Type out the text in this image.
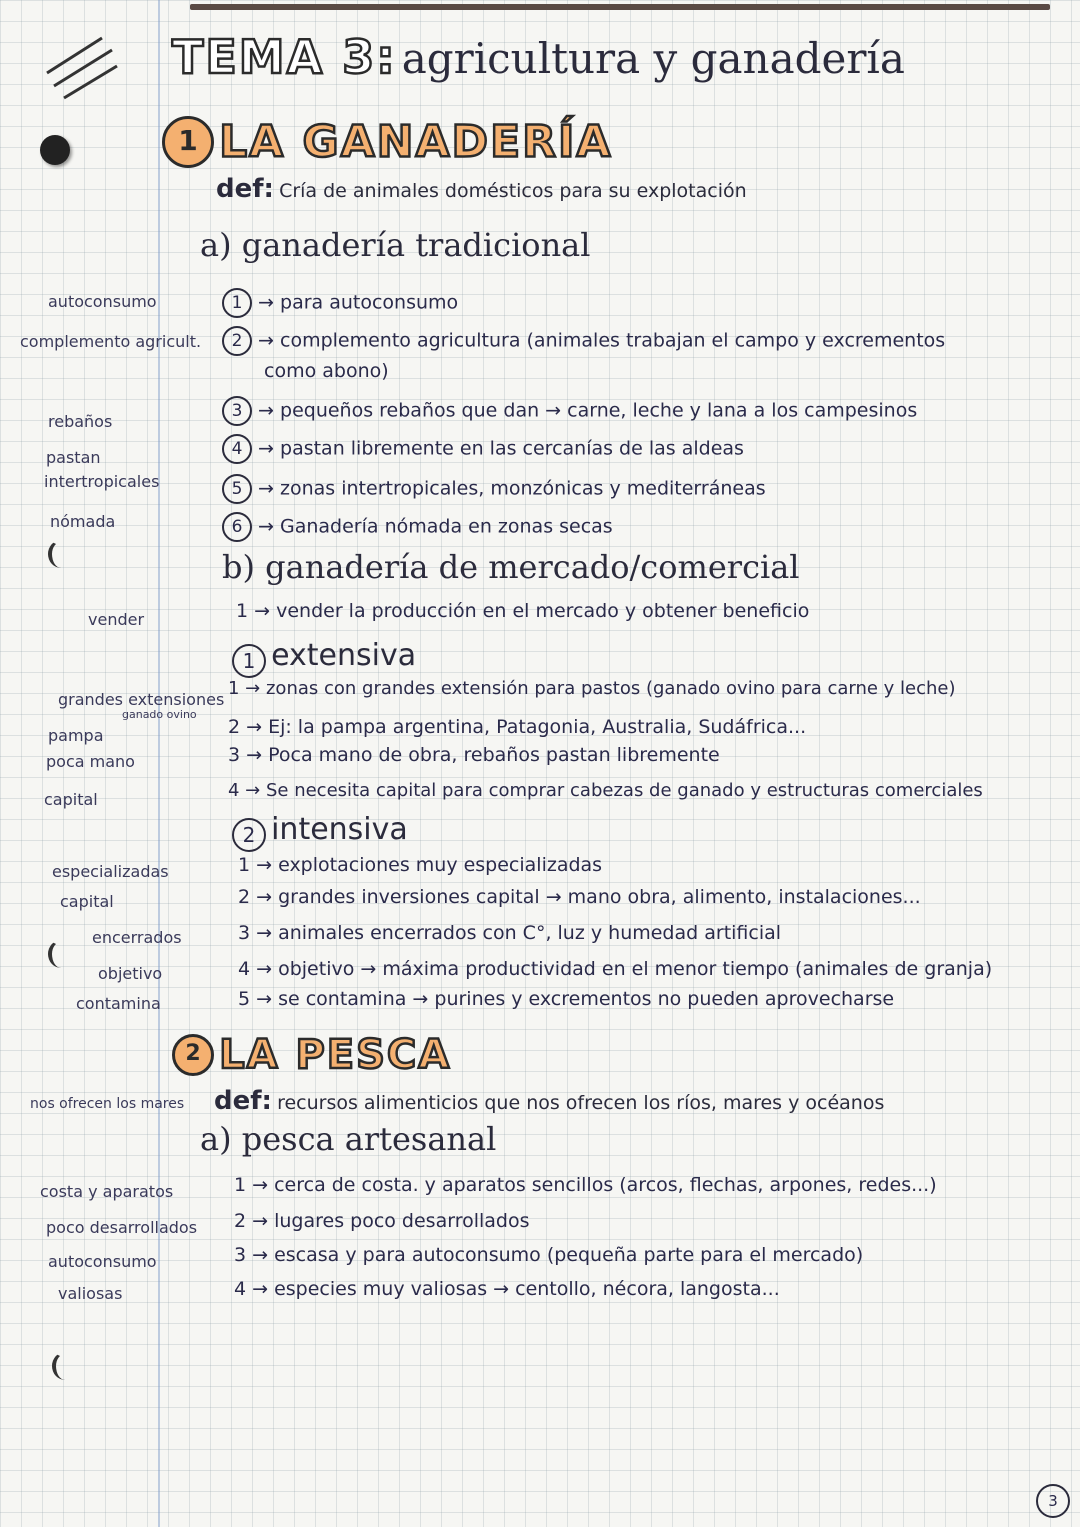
TEMA 3: agricultura y ganadería
1 LA GANADERÍA
def: Cría de animales domésticos para su explotación
a) ganadería tradicional
1 → para autoconsumo
2 → complemento agricultura (animales trabajan el campo y excrementos
como abono)
3 → pequeños rebaños que dan → carne, leche y lana a los campesinos
4 → pastan libremente en las cercanías de las aldeas
5 → zonas intertropicales, monzónicas y mediterráneas
6 → Ganadería nómada en zonas secas
b) ganadería de mercado/comercial
1 → vender la producción en el mercado y obtener beneficio
1 extensiva
1 → zonas con grandes extensión para pastos (ganado ovino para carne y leche)
2 → Ej: la pampa argentina, Patagonia, Australia, Sudáfrica...
3 → Poca mano de obra, rebaños pastan libremente
4 → Se necesita capital para comprar cabezas de ganado y estructuras comerciales
2 intensiva
1 → explotaciones muy especializadas
2 → grandes inversiones capital → mano obra, alimento, instalaciones...
3 → animales encerrados con C°, luz y humedad artificial
4 → objetivo → máxima productividad en el menor tiempo (animales de granja)
5 → se contamina → purines y excrementos no pueden aprovecharse
2 LA PESCA
def: recursos alimenticios que nos ofrecen los ríos, mares y océanos
a) pesca artesanal
1 → cerca de costa. y aparatos sencillos (arcos, flechas, arpones, redes...)
2 → lugares poco desarrollados
3 → escasa y para autoconsumo (pequeña parte para el mercado)
4 → especies muy valiosas → centollo, nécora, langosta...
autoconsumo
complemento agricult.
rebaños
pastan
intertropicales
nómada
vender
grandes extensiones
ganado ovino
pampa
poca mano
capital
especializadas
capital
encerrados
objetivo
contamina
nos ofrecen los mares
costa y aparatos
poco desarrollados
autoconsumo
valiosas
3
